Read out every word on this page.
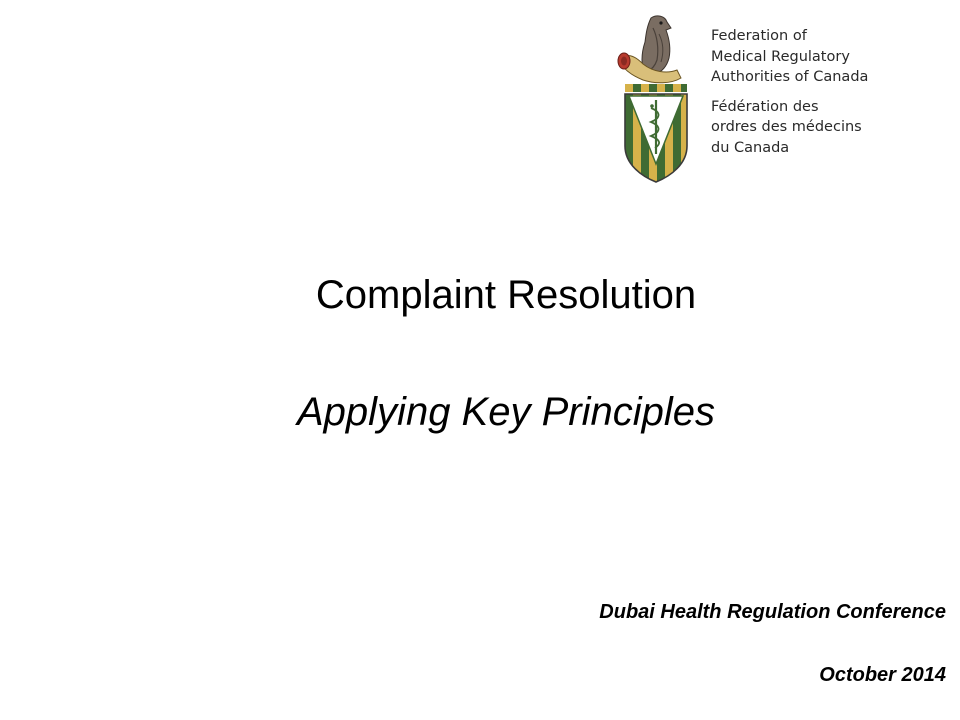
Federation of
Medical Regulatory
Authorities of Canada
Fédération des
ordres des médecins
du Canada
Complaint Resolution
Applying Key Principles
Dubai Health Regulation Conference
October 2014
